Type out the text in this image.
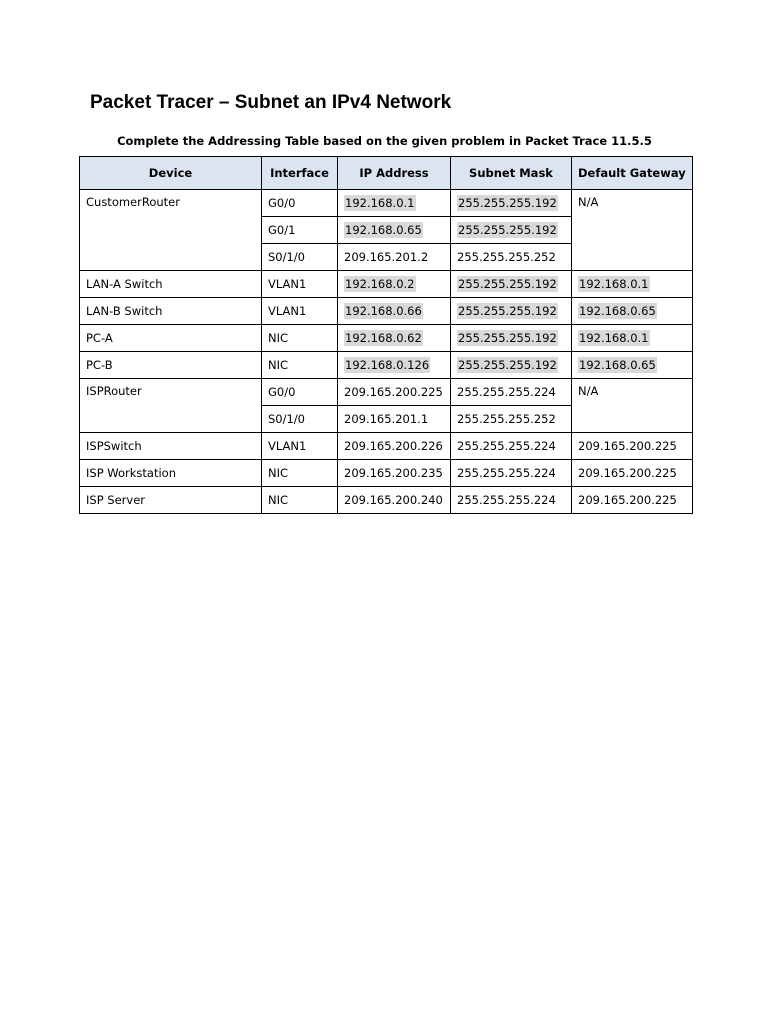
Packet Tracer – Subnet an IPv4 Network
Complete the Addressing Table based on the given problem in Packet Trace 11.5.5
Device	Interface	IP Address	Subnet Mask	Default Gateway
CustomerRouter	G0/0	192.168.0.1	255.255.255.192	N/A
	G0/1	192.168.0.65	255.255.255.192	
	S0/1/0	209.165.201.2	255.255.255.252	
LAN-A Switch	VLAN1	192.168.0.2	255.255.255.192	192.168.0.1
LAN-B Switch	VLAN1	192.168.0.66	255.255.255.192	192.168.0.65
PC-A	NIC	192.168.0.62	255.255.255.192	192.168.0.1
PC-B	NIC	192.168.0.126	255.255.255.192	192.168.0.65
ISPRouter	G0/0	209.165.200.225	255.255.255.224	N/A
	S0/1/0	209.165.201.1	255.255.255.252	
ISPSwitch	VLAN1	209.165.200.226	255.255.255.224	209.165.200.225
ISP Workstation	NIC	209.165.200.235	255.255.255.224	209.165.200.225
ISP Server	NIC	209.165.200.240	255.255.255.224	209.165.200.225
